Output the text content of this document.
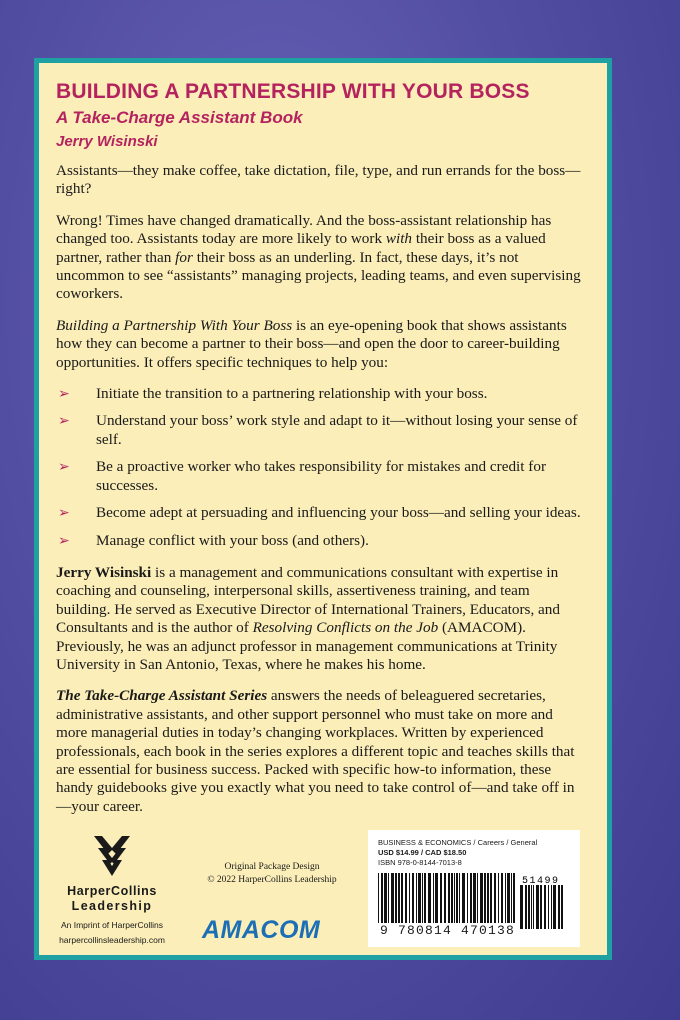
BUILDING A PARTNERSHIP WITH YOUR BOSS
A Take-Charge Assistant Book
Jerry Wisinski

Assistants—they make coffee, take dictation, file, type, and run errands for the boss—right?

Wrong! Times have changed dramatically. And the boss-assistant relationship has changed too. Assistants today are more likely to work with their boss as a valued partner, rather than for their boss as an underling. In fact, these days, it’s not uncommon to see “assistants” managing projects, leading teams, and even supervising coworkers.

Building a Partnership With Your Boss is an eye-opening book that shows assistants how they can become a partner to their boss—and open the door to career-building opportunities. It offers specific techniques to help you:

➢ Initiate the transition to a partnering relationship with your boss.
➢ Understand your boss’ work style and adapt to it—without losing your sense of self.
➢ Be a proactive worker who takes responsibility for mistakes and credit for successes.
➢ Become adept at persuading and influencing your boss—and selling your ideas.
➢ Manage conflict with your boss (and others).

Jerry Wisinski is a management and communications consultant with expertise in coaching and counseling, interpersonal skills, assertiveness training, and team building. He served as Executive Director of International Trainers, Educators, and Consultants and is the author of Resolving Conflicts on the Job (AMACOM). Previously, he was an adjunct professor in management communications at Trinity University in San Antonio, Texas, where he makes his home.

The Take-Charge Assistant Series answers the needs of beleaguered secretaries, administrative assistants, and other support personnel who must take on more and more managerial duties in today’s changing workplaces. Written by experienced professionals, each book in the series explores a different topic and teaches skills that are essential for business success. Packed with specific how-to information, these handy guidebooks give you exactly what you need to take control of—and take off in—your career.

HarperCollins
Leadership
An Imprint of HarperCollins
harpercollinsleadership.com
Original Package Design
© 2022 HarperCollins Leadership
AMACOM
BUSINESS & ECONOMICS / Careers / General
USD $14.99 / CAD $18.50
ISBN 978-0-8144-7013-8
51499
9 780814 470138
